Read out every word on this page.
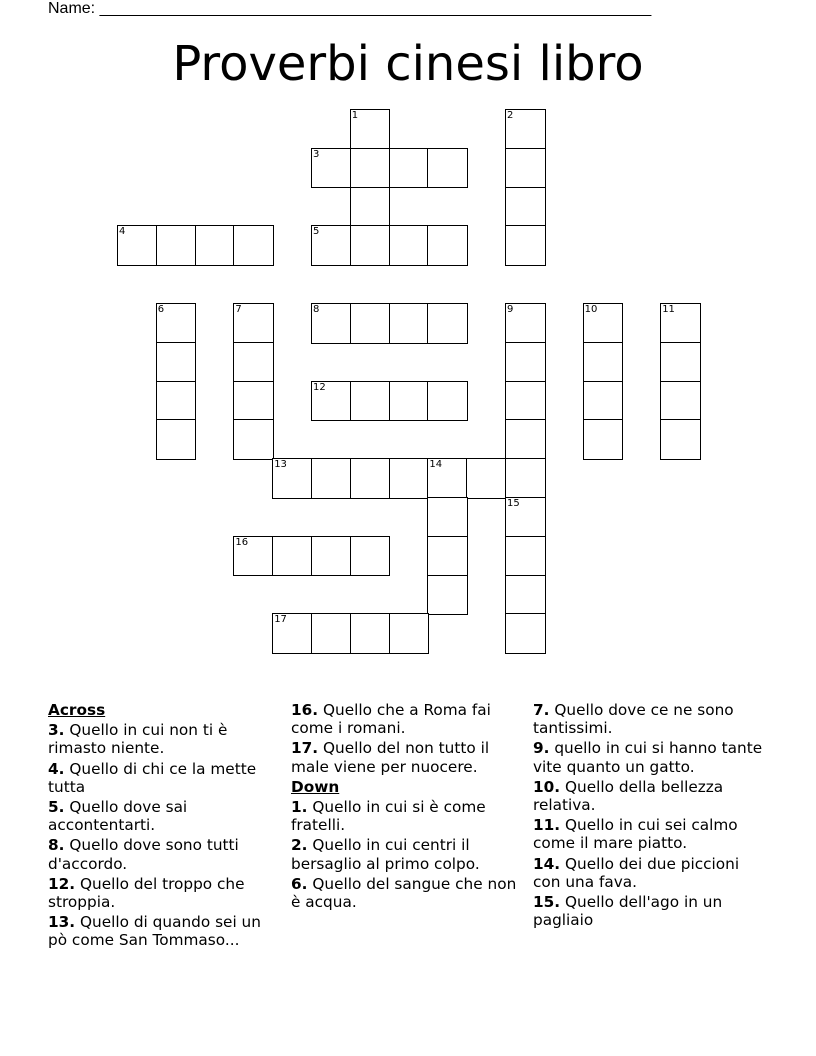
Name: ______________________________________________________________
Proverbi cinesi libro
1	2
3
4	5
6	7	8	9	10	11
12
13	14
15
16
17
Across
3. Quello in cui non ti è rimasto niente.
4. Quello di chi ce la mette tutta
5. Quello dove sai accontentarti.
8. Quello dove sono tutti d'accordo.
12. Quello del troppo che stroppia.
13. Quello di quando sei un pò come San Tommaso...
16. Quello che a Roma fai come i romani.
17. Quello del non tutto il male viene per nuocere.
Down
1. Quello in cui si è come fratelli.
2. Quello in cui centri il bersaglio al primo colpo.
6. Quello del sangue che non è acqua.
7. Quello dove ce ne sono tantissimi.
9. quello in cui si hanno tante vite quanto un gatto.
10. Quello della bellezza relativa.
11. Quello in cui sei calmo come il mare piatto.
14. Quello dei due piccioni con una fava.
15. Quello dell'ago in un pagliaio
